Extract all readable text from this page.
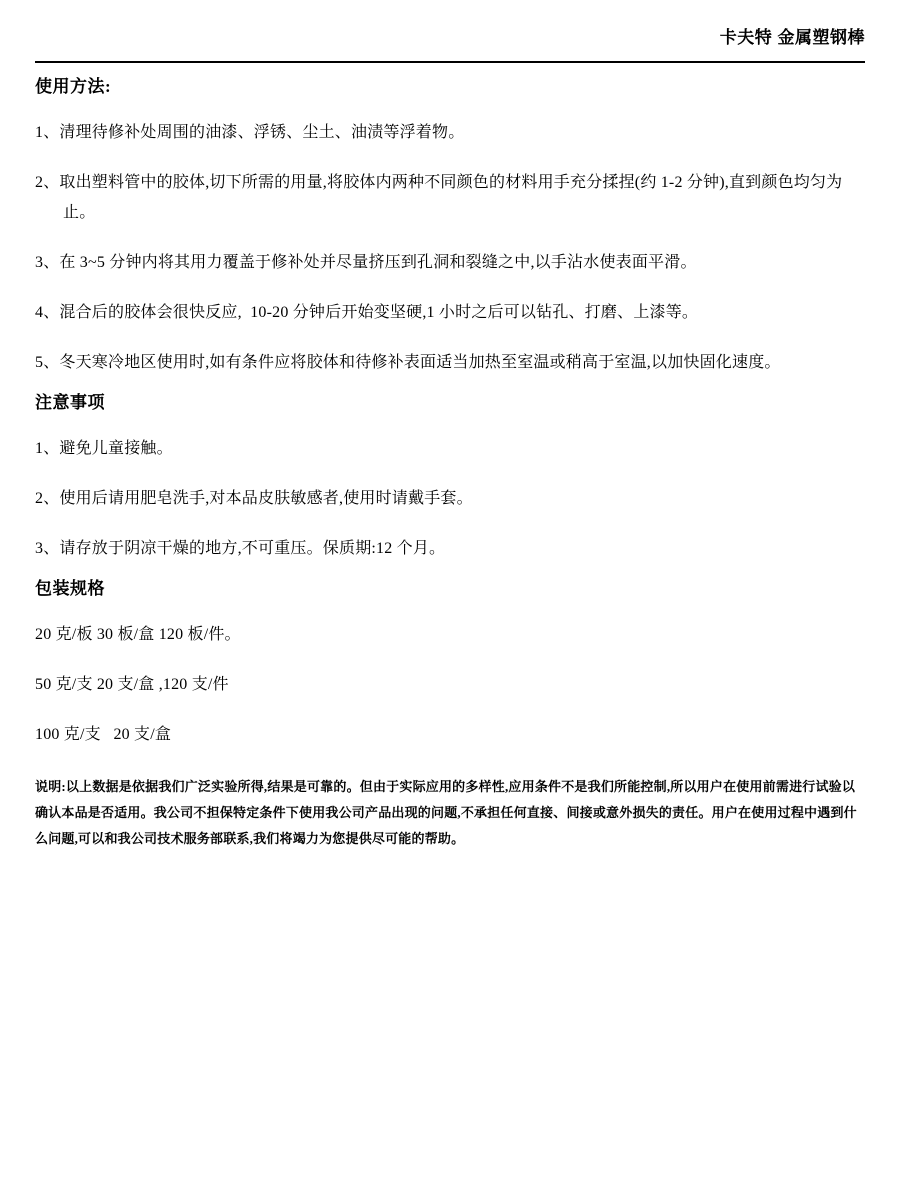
卡夫特 金属塑钢棒
使用方法:

1、清理待修补处周围的油漆、浮锈、尘土、油渍等浮着物。

2、取出塑料管中的胶体,切下所需的用量,将胶体内两种不同颜色的材料用手充分揉捏(约 1-2 分钟),直到颜色均匀为止。

3、在 3~5 分钟内将其用力覆盖于修补处并尽量挤压到孔洞和裂缝之中,以手沾水使表面平滑。

4、混合后的胶体会很快反应,  10-20 分钟后开始变坚硬,1 小时之后可以钻孔、打磨、上漆等。

5、冬天寒冷地区使用时,如有条件应将胶体和待修补表面适当加热至室温或稍高于室温,以加快固化速度。

注意事项

1、避免儿童接触。

2、使用后请用肥皂洗手,对本品皮肤敏感者,使用时请戴手套。

3、请存放于阴凉干燥的地方,不可重压。保质期:12 个月。

包装规格

20 克/板 30 板/盒 120 板/件。

50 克/支 20 支/盒 ,120 支/件

100 克/支   20 支/盒

说明:以上数据是依据我们广泛实验所得,结果是可靠的。但由于实际应用的多样性,应用条件不是我们所能控制,所以用户在使用前需进行试验以确认本品是否适用。我公司不担保特定条件下使用我公司产品出现的问题,不承担任何直接、间接或意外损失的责任。用户在使用过程中遇到什么问题,可以和我公司技术服务部联系,我们将竭力为您提供尽可能的帮助。
